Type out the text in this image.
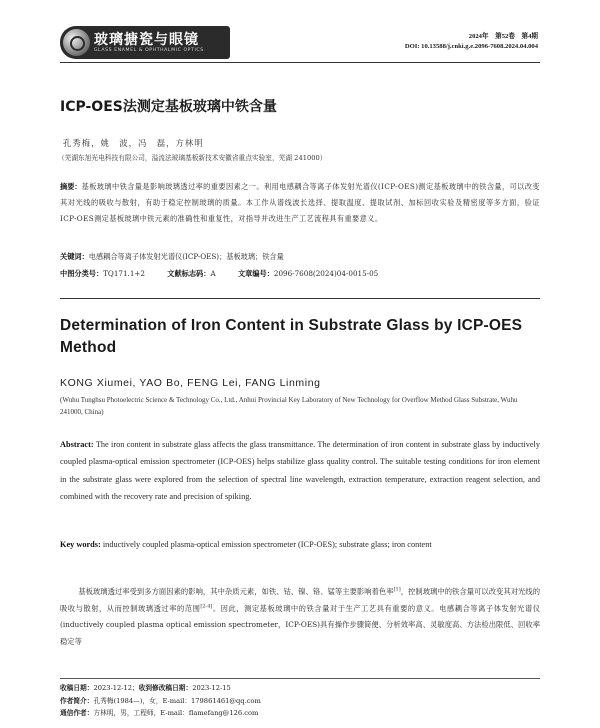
玻璃搪瓷与眼镜
GLASS ENAMEL & OPHTHALMIC OPTICS
2024年　第52卷　第4期
DOI: 10.13588/j.cnki.g.e.2096-7608.2024.04.004
ICP-OES法测定基板玻璃中铁含量
孔秀梅，姚　波，冯　磊，方林明
（芜湖东旭光电科技有限公司，溢流法玻璃基板新技术安徽省重点实验室，芜湖 241000）
摘要：基板玻璃中铁含量是影响玻璃透过率的重要因素之一。利用电感耦合等离子体发射光谱仪(ICP-OES)测定基板玻璃中的铁含量，可以改变其对光线的吸收与散射，有助于稳定控制玻璃的质量。本工作从谱线波长选择、提取温度、提取试剂、加标回收实验及精密度等多方面，验证ICP-OES测定基板玻璃中铁元素的准确性和重复性，对指导并改进生产工艺流程具有重要意义。
关键词：电感耦合等离子体发射光谱仪(ICP-OES)；基板玻璃；铁含量
中图分类号：TQ171.1+2	文献标志码：A	文章编号：2096-7608(2024)04-0015-05
Determination of Iron Content in Substrate Glass by ICP-OES Method
KONG Xiumei, YAO Bo, FENG Lei, FANG Linming
(Wuhu Tunghsu Photoelectric Science & Technology Co., Ltd., Anhui Provincial Key Laboratory of New Technology for Overflow Method Glass Substrate, Wuhu 241000, China)
Abstract: The iron content in substrate glass affects the glass transmittance. The determination of iron content in substrate glass by inductively coupled plasma-optical emission spectrometer (ICP-OES) helps stabilize glass quality control. The suitable testing conditions for iron element in the substrate glass were explored from the selection of spectral line wavelength, extraction temperature, extraction reagent selection, and combined with the recovery rate and precision of spiking.
Key words: inductively coupled plasma-optical emission spectrometer (ICP-OES); substrate glass; iron content

基板玻璃透过率受到多方面因素的影响，其中杂质元素，如铁、钴、镍、铬、锰等主要影响着色率[1]，控制玻璃中的铁含量可以改变其对光线的吸收与散射，从而控制玻璃透过率的范围[2-4]。因此，测定基板玻璃中的铁含量对于生产工艺具有重要的意义。电感耦合等离子体发射光谱仪(inductively coupled plasma optical emission spectrometer，ICP-OES)具有操作步骤简便、分析效率高、灵敏度高、方法检出限低、回收率稳定等

收稿日期：2023-12-12；收到修改稿日期：2023-12-15
作者简介：孔秀梅(1984—)，女，E-mail：179861461@qq.com
通信作者：方林明，男，工程师，E-mail：flamefang@126.com
